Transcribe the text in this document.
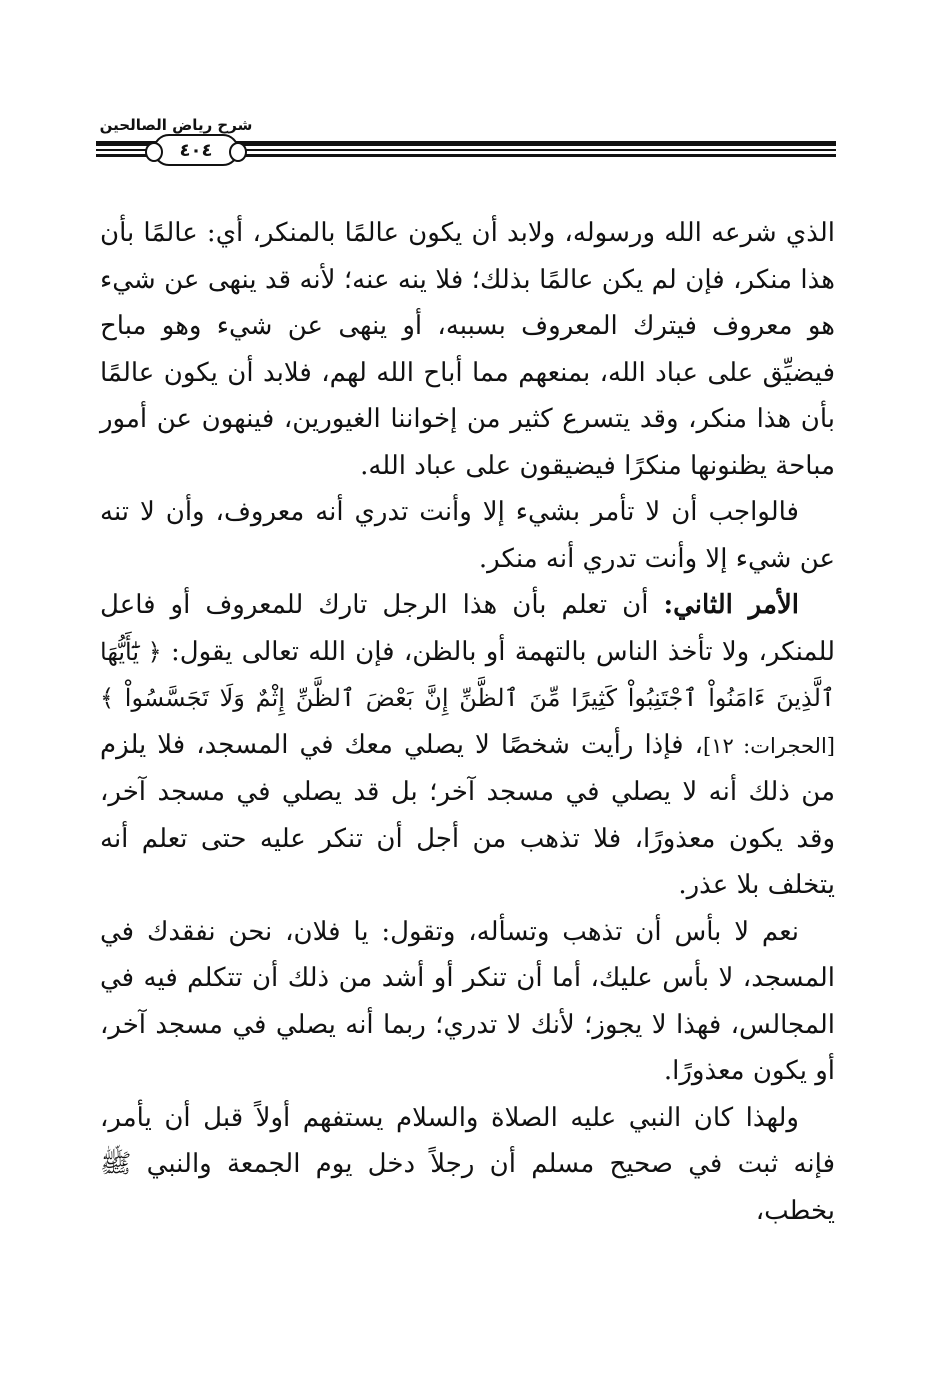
شرح رياض الصالحين
٤٠٤

الذي شرعه الله ورسوله، ولابد أن يكون عالمًا بالمنكر، أي: عالمًا بأن هذا منكر، فإن لم يكن عالمًا بذلك؛ فلا ينه عنه؛ لأنه قد ينهى عن شيء هو معروف فيترك المعروف بسببه، أو ينهى عن شيء وهو مباح فيضيِّق على عباد الله، بمنعهم مما أباح الله لهم، فلابد أن يكون عالمًا بأن هذا منكر، وقد يتسرع كثير من إخواننا الغيورين، فينهون عن أمور مباحة يظنونها منكرًا فيضيقون على عباد الله.

فالواجب أن لا تأمر بشيء إلا وأنت تدري أنه معروف، وأن لا تنه عن شيء إلا وأنت تدري أنه منكر.

الأمر الثاني: أن تعلم بأن هذا الرجل تارك للمعروف أو فاعل للمنكر، ولا تأخذ الناس بالتهمة أو بالظن، فإن الله تعالى يقول: ﴿ يَٰٓأَيُّهَا ٱلَّذِينَ ءَامَنُواْ ٱجْتَنِبُواْ كَثِيرًا مِّنَ ٱلظَّنِّ إِنَّ بَعْضَ ٱلظَّنِّ إِثْمٌ وَلَا تَجَسَّسُواْ ﴾ [الحجرات: ١٢]، فإذا رأيت شخصًا لا يصلي معك في المسجد، فلا يلزم من ذلك أنه لا يصلي في مسجد آخر؛ بل قد يصلي في مسجد آخر، وقد يكون معذورًا، فلا تذهب من أجل أن تنكر عليه حتى تعلم أنه يتخلف بلا عذر.

نعم لا بأس أن تذهب وتسأله، وتقول: يا فلان، نحن نفقدك في المسجد، لا بأس عليك، أما أن تنكر أو أشد من ذلك أن تتكلم فيه في المجالس، فهذا لا يجوز؛ لأنك لا تدري؛ ربما أنه يصلي في مسجد آخر، أو يكون معذورًا.

ولهذا كان النبي عليه الصلاة والسلام يستفهم أولاً قبل أن يأمر، فإنه ثبت في صحيح مسلم أن رجلاً دخل يوم الجمعة والنبي ﷺ يخطب،
